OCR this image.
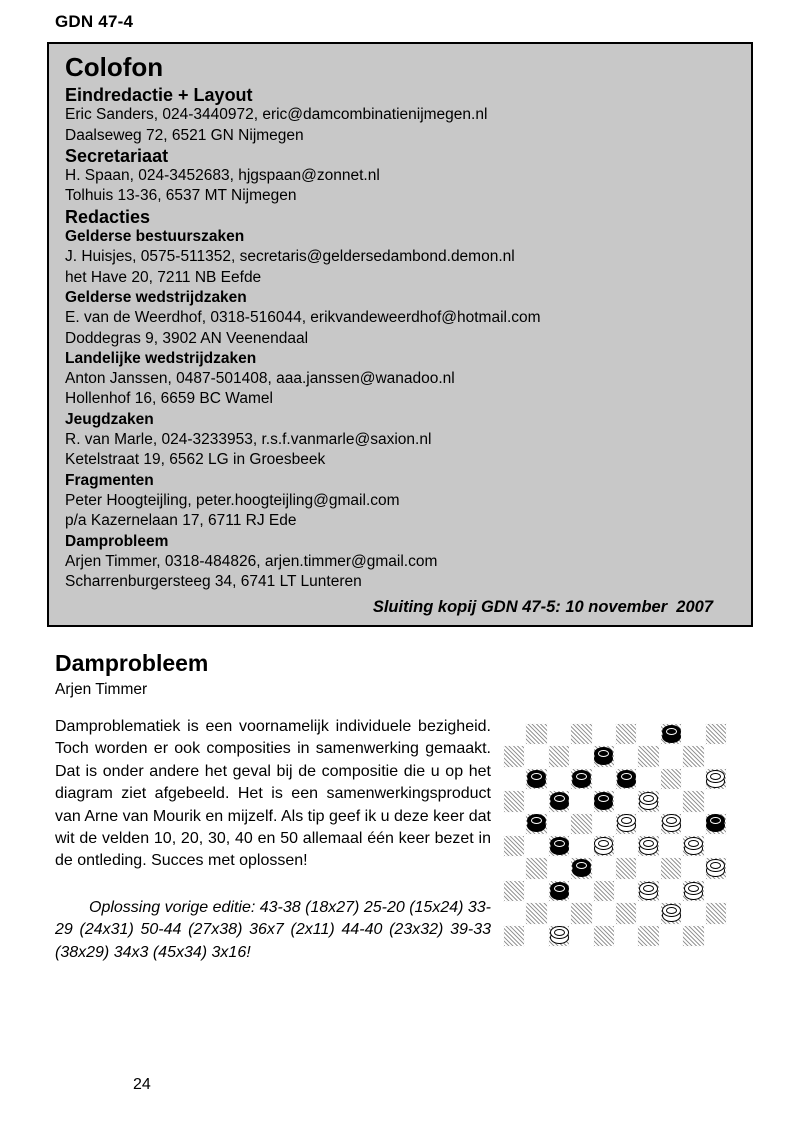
GDN 47-4
Colofon
Eindredactie + Layout
Eric Sanders, 024-3440972, eric@damcombinatienijmegen.nl
Daalseweg 72, 6521 GN Nijmegen
Secretariaat
H. Spaan, 024-3452683, hjgspaan@zonnet.nl
Tolhuis 13-36, 6537 MT Nijmegen
Redacties
Gelderse bestuurszaken
J. Huisjes, 0575-511352, secretaris@geldersedambond.demon.nl
het Have 20, 7211 NB Eefde
Gelderse wedstrijdzaken
E. van de Weerdhof, 0318-516044, erikvandeweerdhof@hotmail.com
Doddegras 9, 3902 AN Veenendaal
Landelijke wedstrijdzaken
Anton Janssen, 0487-501408, aaa.janssen@wanadoo.nl
Hollenhof 16, 6659 BC Wamel
Jeugdzaken
R. van Marle, 024-3233953, r.s.f.vanmarle@saxion.nl
Ketelstraat 19, 6562 LG in Groesbeek
Fragmenten
Peter Hoogteijling, peter.hoogteijling@gmail.com
p/a Kazernelaan 17, 6711 RJ Ede
Damprobleem
Arjen Timmer, 0318-484826, arjen.timmer@gmail.com
Scharrenburgersteeg 34, 6741 LT Lunteren
Sluiting kopij GDN 47-5: 10 november  2007
Damprobleem
Arjen Timmer
Damproblematiek is een voornamelijk individuele bezigheid. Toch worden er ook composities in samenwerking gemaakt. Dat is onder andere het geval bij de compositie die u op het diagram ziet afgebeeld. Het is een samenwerkingsproduct van Arne van Mourik en mijzelf. Als tip geef ik u deze keer dat wit de velden 10, 20, 30, 40 en 50 allemaal één keer bezet in de ontleding. Succes met oplossen!
Oplossing vorige editie: 43-38 (18x27) 25-20 (15x24) 33-29 (24x31) 50-44 (27x38) 36x7 (2x11) 44-40 (23x32) 39-33 (38x29) 34x3 (45x34) 3x16!
24
